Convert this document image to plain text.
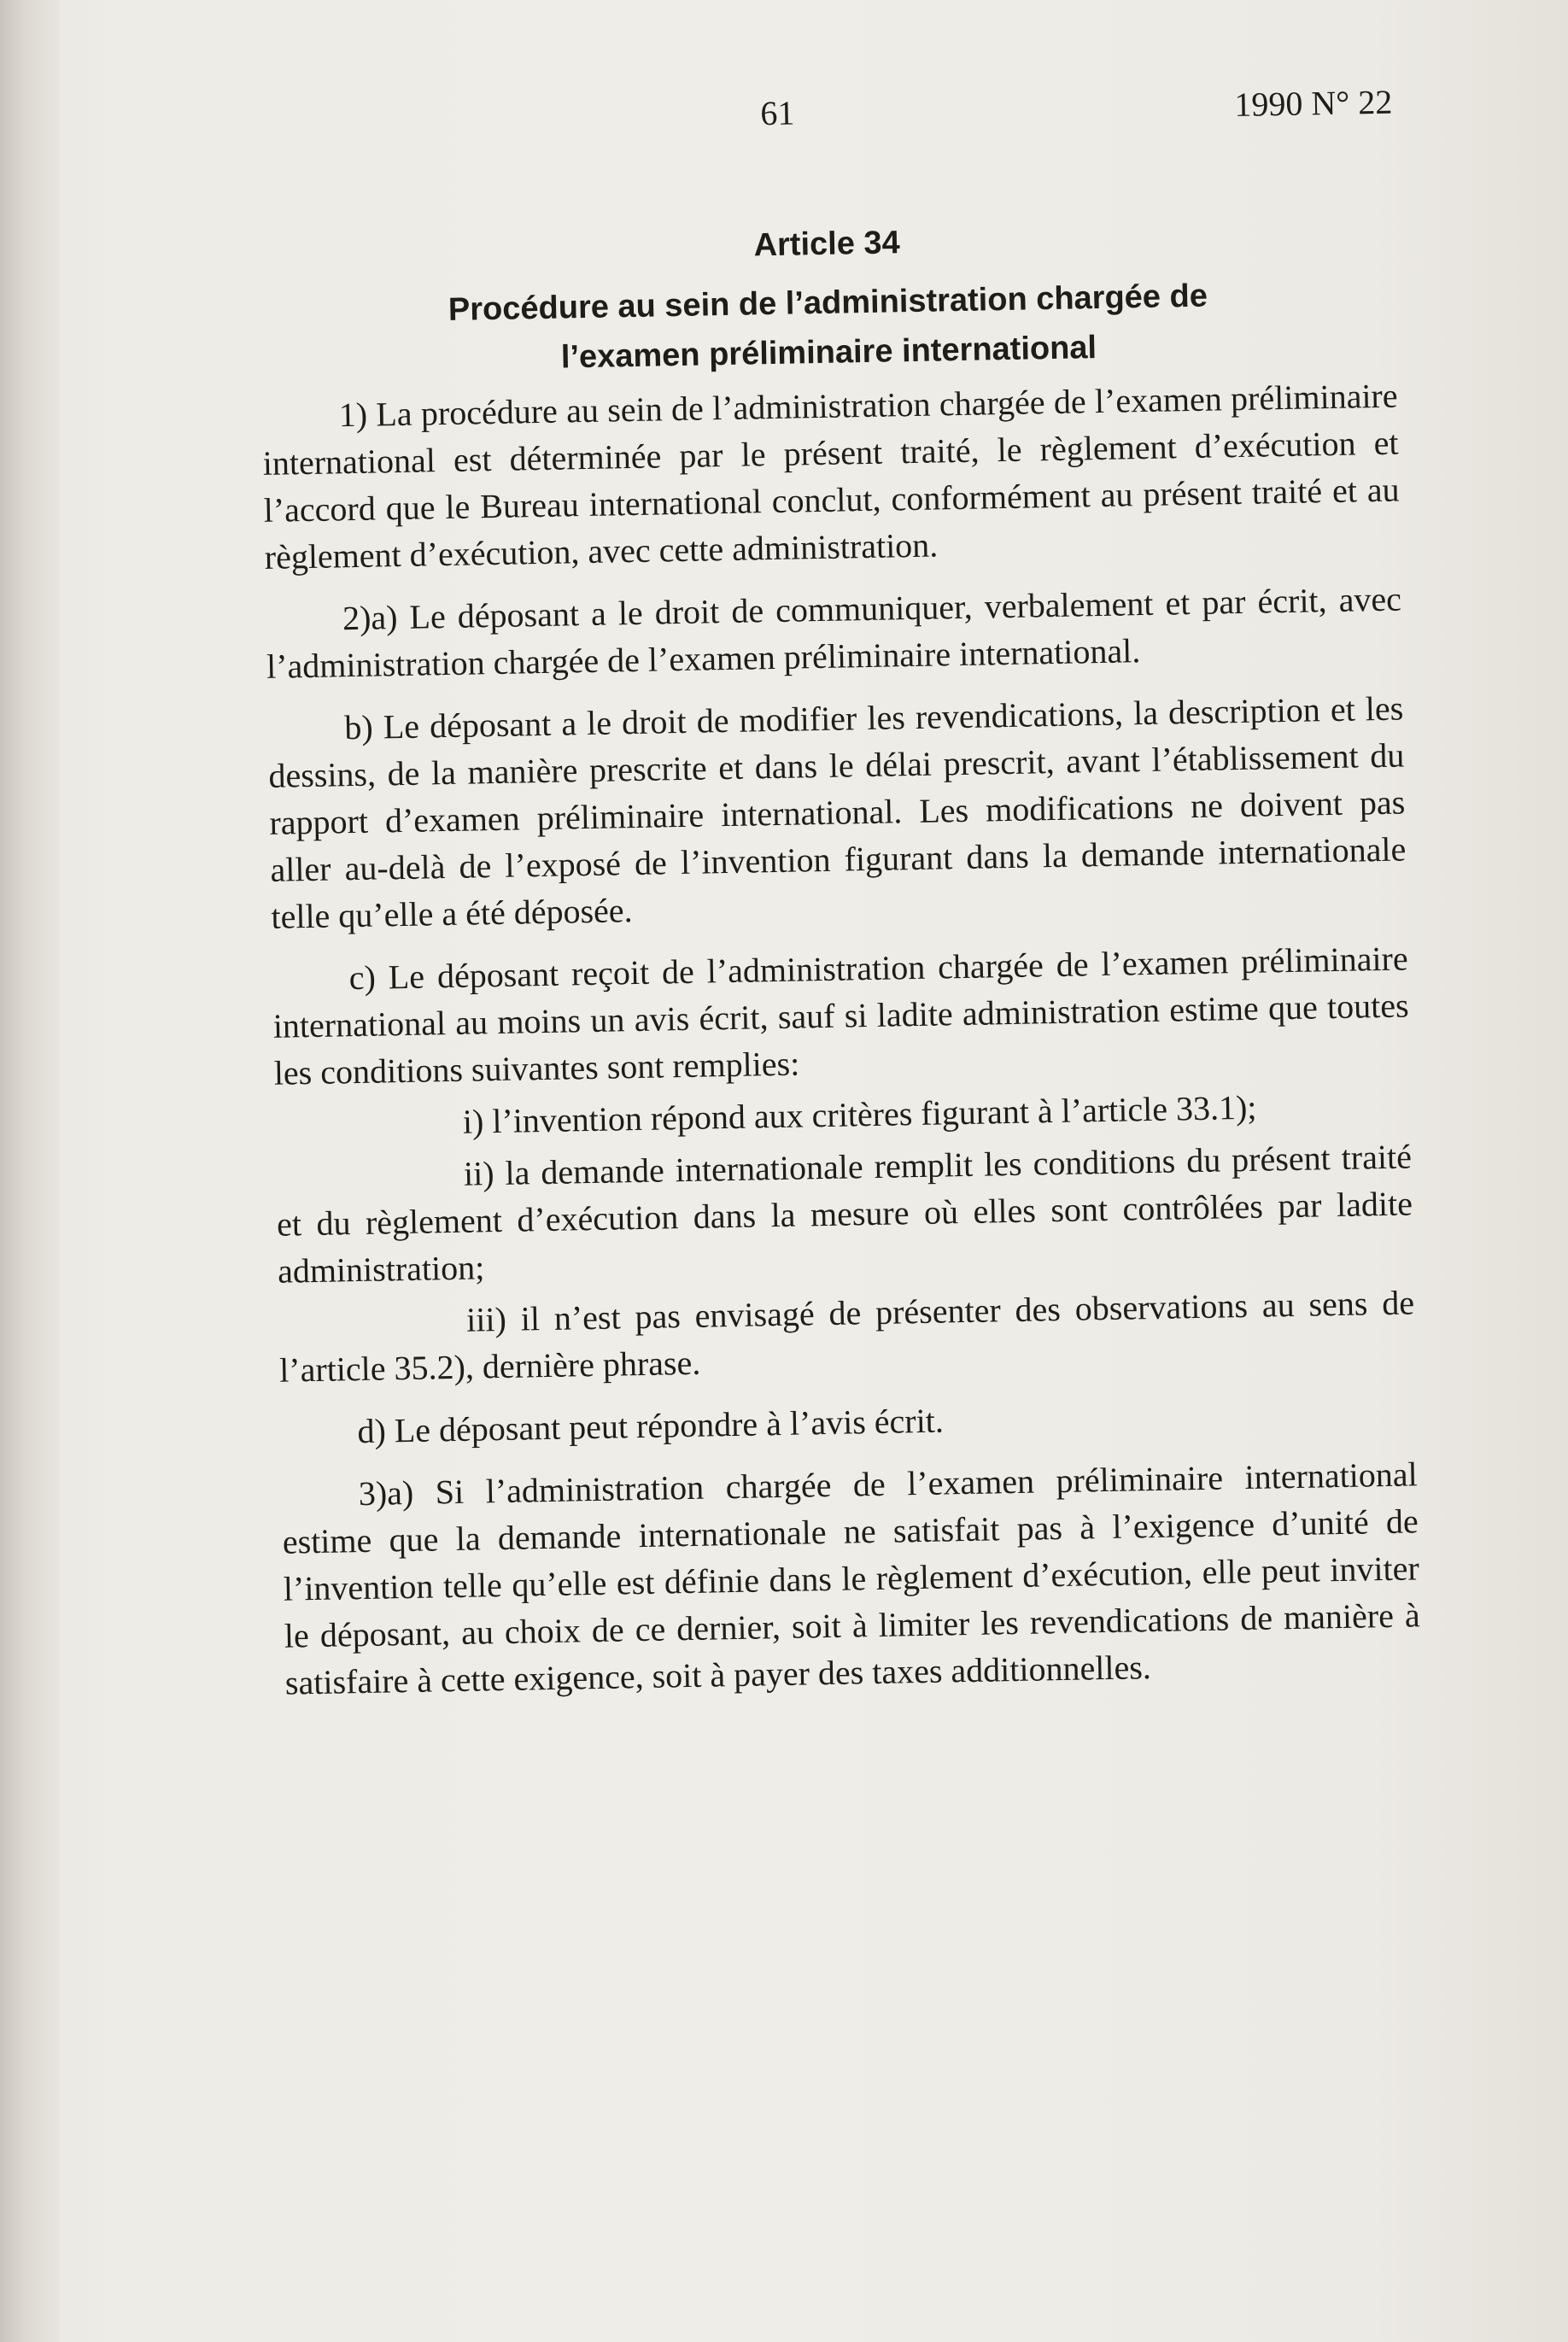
61	1990 N° 22
Article 34
Procédure au sein de l’administration chargée de l’examen préliminaire international

1) La procédure au sein de l’administration chargée de l’examen préliminaire international est déterminée par le présent traité, le règlement d’exécution et l’accord que le Bureau international conclut, conformément au présent traité et au règlement d’exécution, avec cette administration.

2)a) Le déposant a le droit de communiquer, verbalement et par écrit, avec l’administration chargée de l’examen préliminaire international.

b) Le déposant a le droit de modifier les revendications, la description et les dessins, de la manière prescrite et dans le délai prescrit, avant l’établissement du rapport d’examen préliminaire international. Les modifications ne doivent pas aller au-delà de l’exposé de l’invention figurant dans la demande internationale telle qu’elle a été déposée.

c) Le déposant reçoit de l’administration chargée de l’examen préliminaire international au moins un avis écrit, sauf si ladite administration estime que toutes les conditions suivantes sont remplies:

i) l’invention répond aux critères figurant à l’article 33.1);

ii) la demande internationale remplit les conditions du présent traité et du règlement d’exécution dans la mesure où elles sont contrôlées par ladite administration;

iii) il n’est pas envisagé de présenter des observations au sens de l’article 35.2), dernière phrase.

d) Le déposant peut répondre à l’avis écrit.

3)a) Si l’administration chargée de l’examen préliminaire international estime que la demande internationale ne satisfait pas à l’exigence d’unité de l’invention telle qu’elle est définie dans le règlement d’exécution, elle peut inviter le déposant, au choix de ce dernier, soit à limiter les revendications de manière à satisfaire à cette exigence, soit à payer des taxes additionnelles.
